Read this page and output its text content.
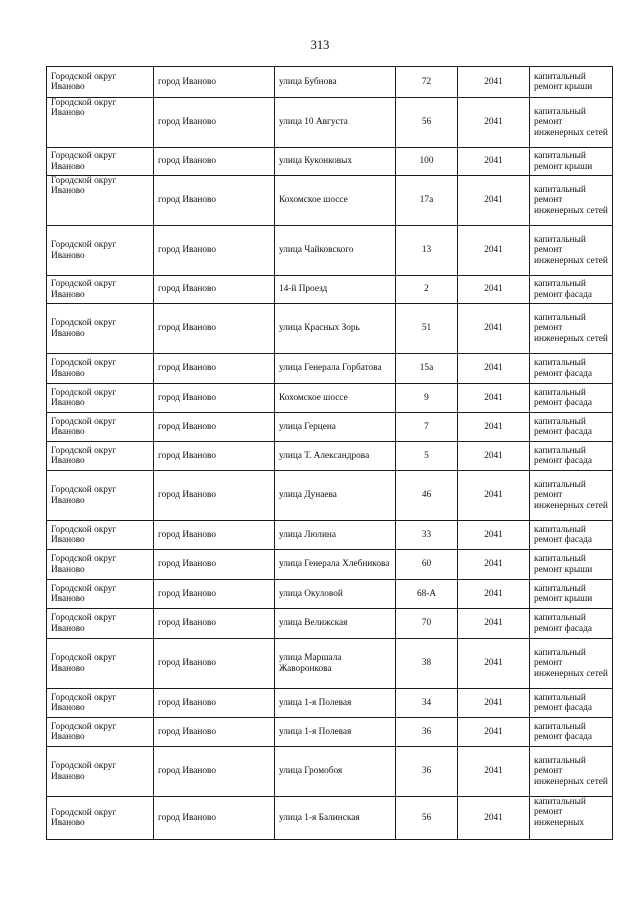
313
Городской округ Иваново	город Иваново	улица Бубнова	72	2041	капитальный ремонт крыши
Городской округ Иваново	город Иваново	улица 10 Августа	56	2041	капитальный ремонт инженерных сетей
Городской округ Иваново	город Иваново	улица Куконковых	100	2041	капитальный ремонт крыши
Городской округ Иваново	город Иваново	Кохомское шоссе	17а	2041	капитальный ремонт инженерных сетей
Городской округ Иваново	город Иваново	улица Чайковского	13	2041	капитальный ремонт инженерных сетей
Городской округ Иваново	город Иваново	14-й Проезд	2	2041	капитальный ремонт фасада
Городской округ Иваново	город Иваново	улица Красных Зорь	51	2041	капитальный ремонт инженерных сетей
Городской округ Иваново	город Иваново	улица Генерала Горбатова	15а	2041	капитальный ремонт фасада
Городской округ Иваново	город Иваново	Кохомское шоссе	9	2041	капитальный ремонт фасада
Городской округ Иваново	город Иваново	улица Герцена	7	2041	капитальный ремонт фасада
Городской округ Иваново	город Иваново	улица Т. Александрова	5	2041	капитальный ремонт фасада
Городской округ Иваново	город Иваново	улица Дунаева	46	2041	капитальный ремонт инженерных сетей
Городской округ Иваново	город Иваново	улица Люлина	33	2041	капитальный ремонт фасада
Городской округ Иваново	город Иваново	улица Генерала Хлебникова	60	2041	капитальный ремонт крыши
Городской округ Иваново	город Иваново	улица Окуловой	68-А	2041	капитальный ремонт крыши
Городской округ Иваново	город Иваново	улица Велижская	70	2041	капитальный ремонт фасада
Городской округ Иваново	город Иваново	улица Маршала Жаворонкова	38	2041	капитальный ремонт инженерных сетей
Городской округ Иваново	город Иваново	улица 1-я Полевая	34	2041	капитальный ремонт фасада
Городской округ Иваново	город Иваново	улица 1-я Полевая	36	2041	капитальный ремонт фасада
Городской округ Иваново	город Иваново	улица Громобоя	36	2041	капитальный ремонт инженерных сетей
Городской округ Иваново	город Иваново	улица 1-я Балинская	56	2041	капитальный ремонт инженерных
